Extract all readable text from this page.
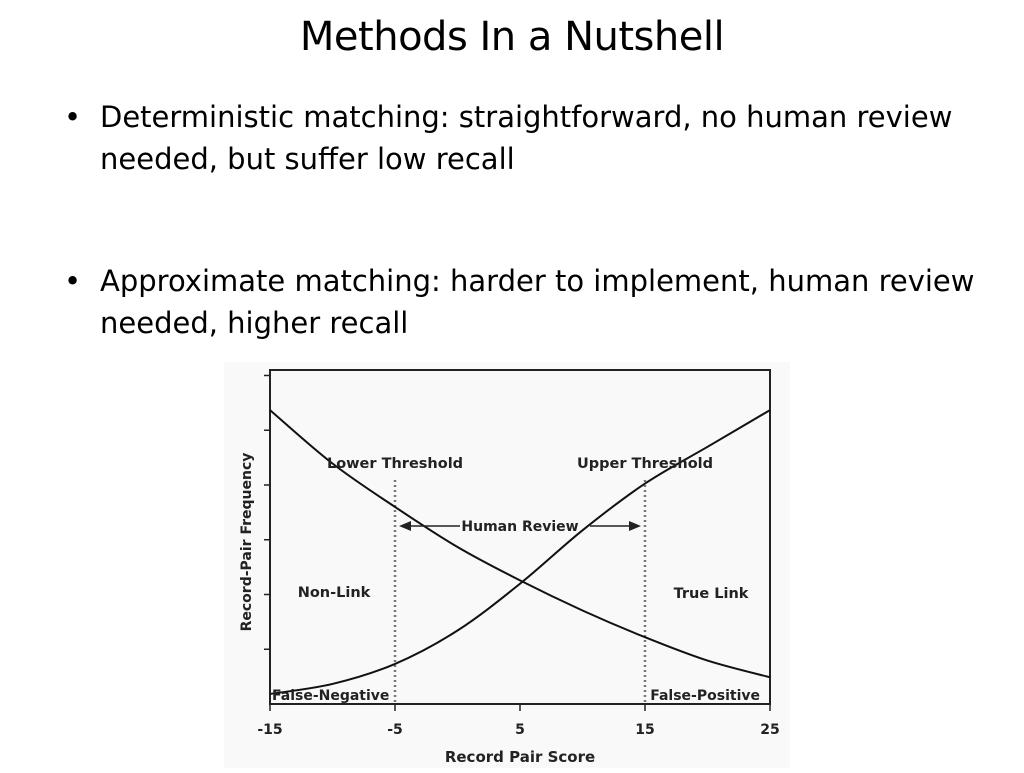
Methods In a Nutshell
• Deterministic matching: straightforward, no human review needed, but suffer low recall
• Approximate matching: harder to implement, human review needed, higher recall
-15	-5	5	15	25
Record Pair Score
Record-Pair Frequency	Lower Threshold	Upper Threshold
Human Review
Non-Link	True Link
False-Negative	False-Positive
